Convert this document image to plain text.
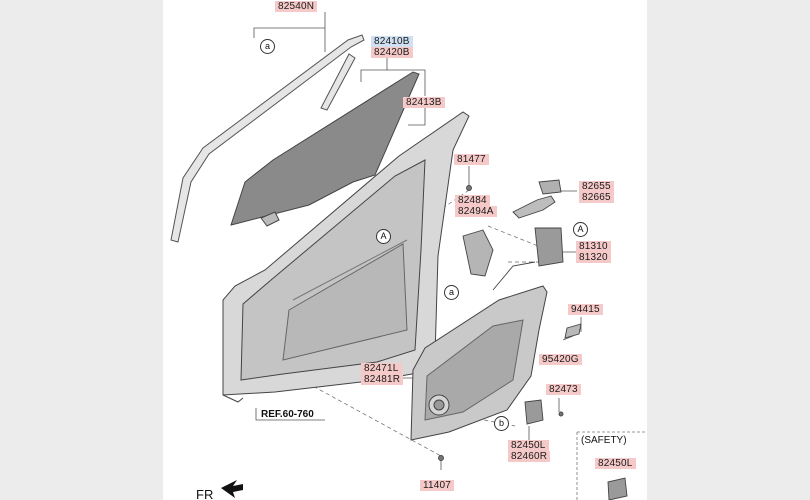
82540N
82410B
82420B
82413B
81477
82655
82665
82484
82494A
81310
81320
94415
95420G
82471L
82481R
82473
82450L
82460R
11407
82450L
a
A
A
a
b
REF.60-760
(SAFETY)
FR
